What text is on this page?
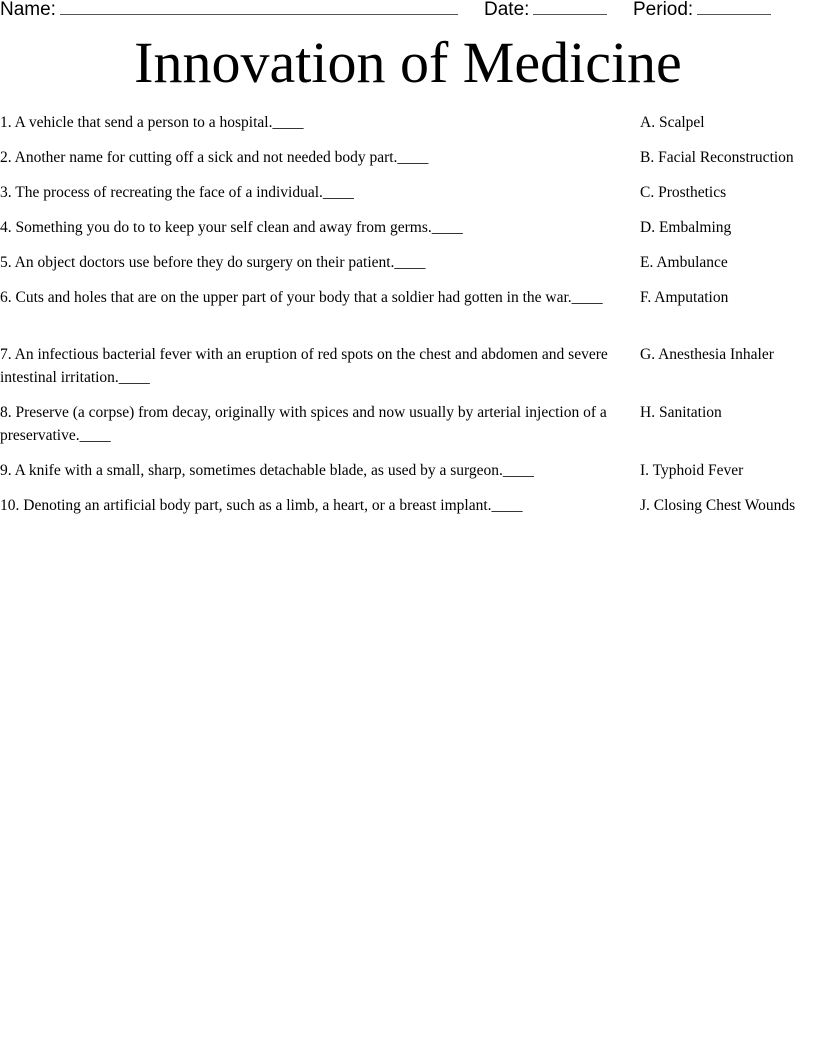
Name:	Date:	Period:
Innovation of Medicine
1. A vehicle that send a person to a hospital.____
2. Another name for cutting off a sick and not needed body part.____
3. The process of recreating the face of a individual.____
4. Something you do to to keep your self clean and away from germs.____
5. An object doctors use before they do surgery on their patient.____
6. Cuts and holes that are on the upper part of your body that a soldier had gotten in the war.____
7. An infectious bacterial fever with an eruption of red spots on the chest and abdomen and severe intestinal irritation.____
8. Preserve (a corpse) from decay, originally with spices and now usually by arterial injection of a preservative.____
9. A knife with a small, sharp, sometimes detachable blade, as used by a surgeon.____
10. Denoting an artificial body part, such as a limb, a heart, or a breast implant.____
A. Scalpel
B. Facial Reconstruction
C. Prosthetics
D. Embalming
E. Ambulance
F. Amputation
G. Anesthesia Inhaler
H. Sanitation
I. Typhoid Fever
J. Closing Chest Wounds
